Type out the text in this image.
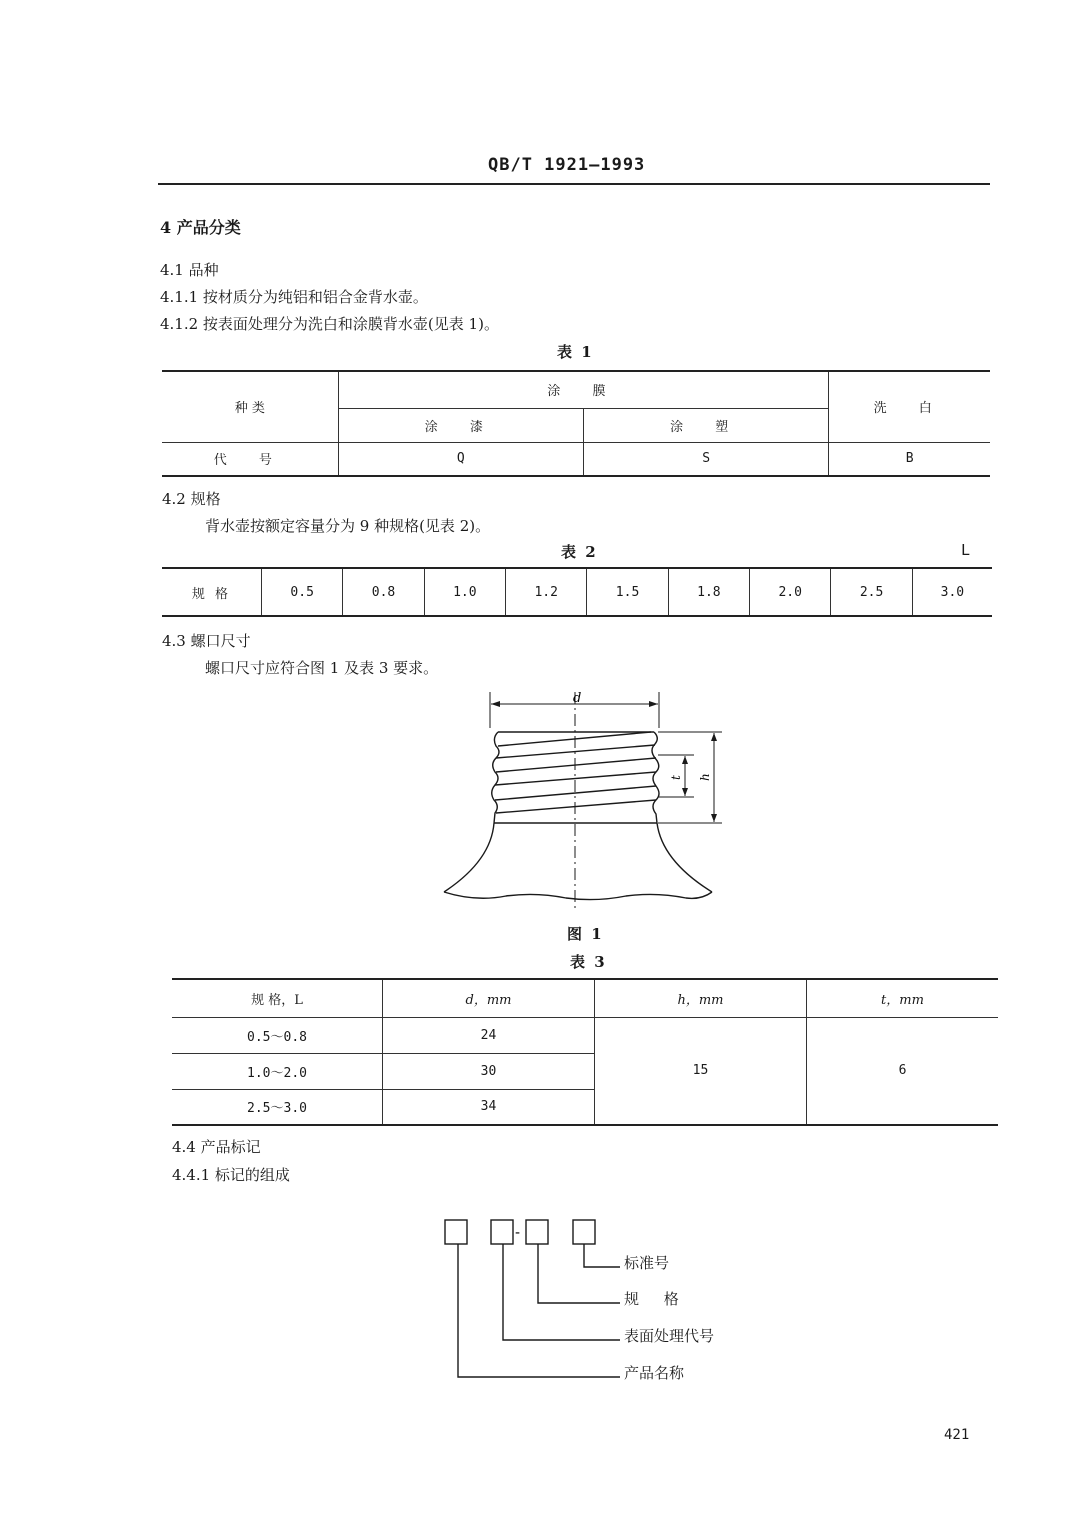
QB/T 1921—1993
4 产品分类
4.1 品种
4.1.1 按材质分为纯铝和铝合金背水壶。
4.1.2 按表面处理分为洗白和涂膜背水壶(见表 1)。
表 1
种 类	涂 膜		洗 白
	涂 漆	涂 塑	
代 号	Q	S	B
4.2 规格
背水壶按额定容量分为 9 种规格(见表 2)。
表 2	L
规 格	0.5	0.8	1.0	1.2	1.5	1.8	2.0	2.5	3.0
4.3 螺口尺寸
螺口尺寸应符合图 1 及表 3 要求。
d
t h
图 1
表 3
规 格，L	d，mm	h，mm	t，mm
0.5～0.8	24	15	6
1.0～2.0	30		
2.5～3.0	34		
4.4 产品标记
4.4.1 标记的组成
-
标准号
规 格
表面处理代号
产品名称
421
